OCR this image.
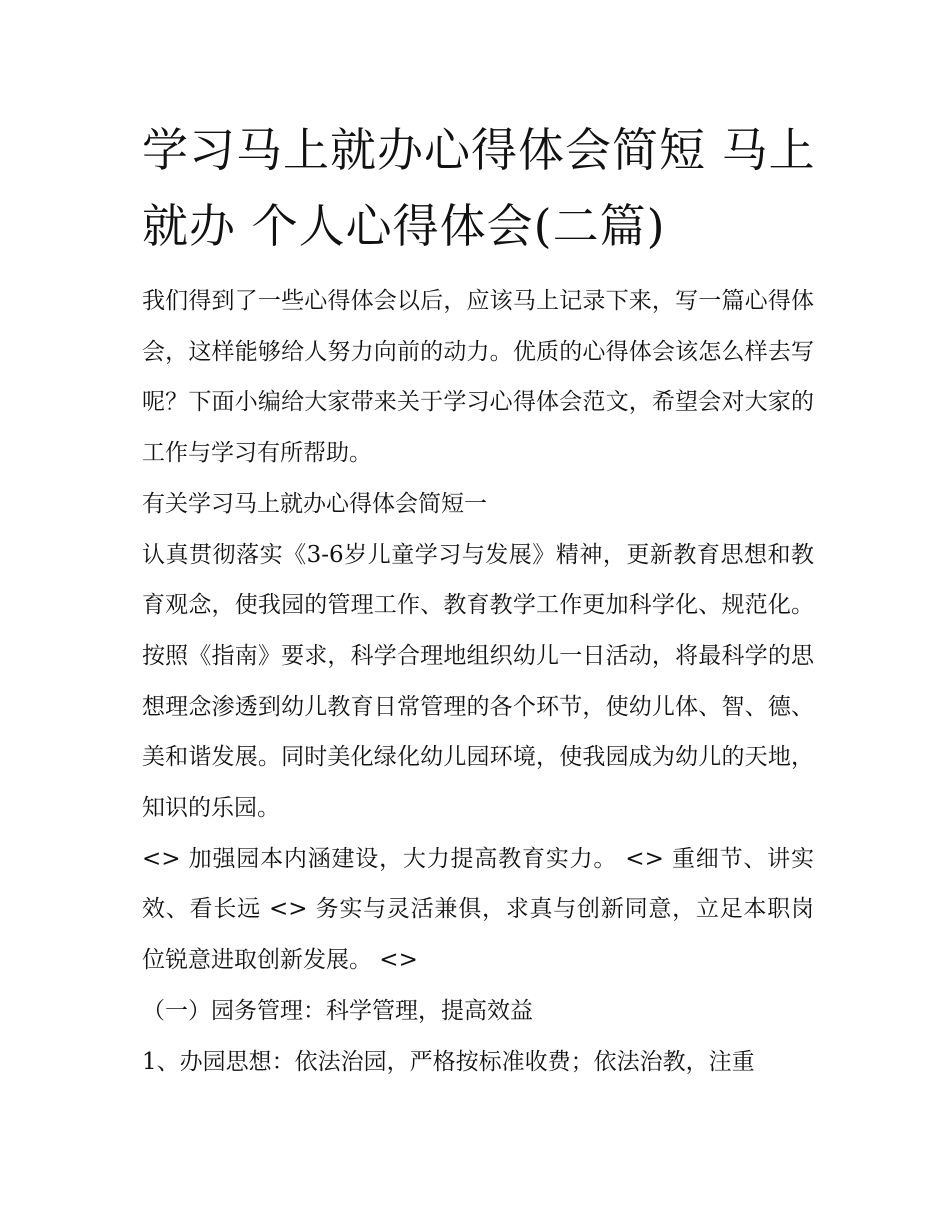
学习马上就办心得体会简短 马上就办 个人心得体会(二篇)

我们得到了一些心得体会以后，应该马上记录下来，写一篇心得体会，这样能够给人努力向前的动力。优质的心得体会该怎么样去写呢？下面小编给大家带来关于学习心得体会范文，希望会对大家的工作与学习有所帮助。

有关学习马上就办心得体会简短一

认真贯彻落实《3-6岁儿童学习与发展》精神，更新教育思想和教育观念，使我园的管理工作、教育教学工作更加科学化、规范化。按照《指南》要求，科学合理地组织幼儿一日活动，将最科学的思想理念渗透到幼儿教育日常管理的各个环节，使幼儿体、智、德、美和谐发展。同时美化绿化幼儿园环境，使我园成为幼儿的天地，知识的乐园。

<> 加强园本内涵建设，大力提高教育实力。 <> 重细节、讲实效、看长远 <> 务实与灵活兼俱，求真与创新同意，立足本职岗位锐意进取创新发展。 <>

（一）园务管理：科学管理，提高效益

1、办园思想：依法治园，严格按标准收费；依法治教，注重
